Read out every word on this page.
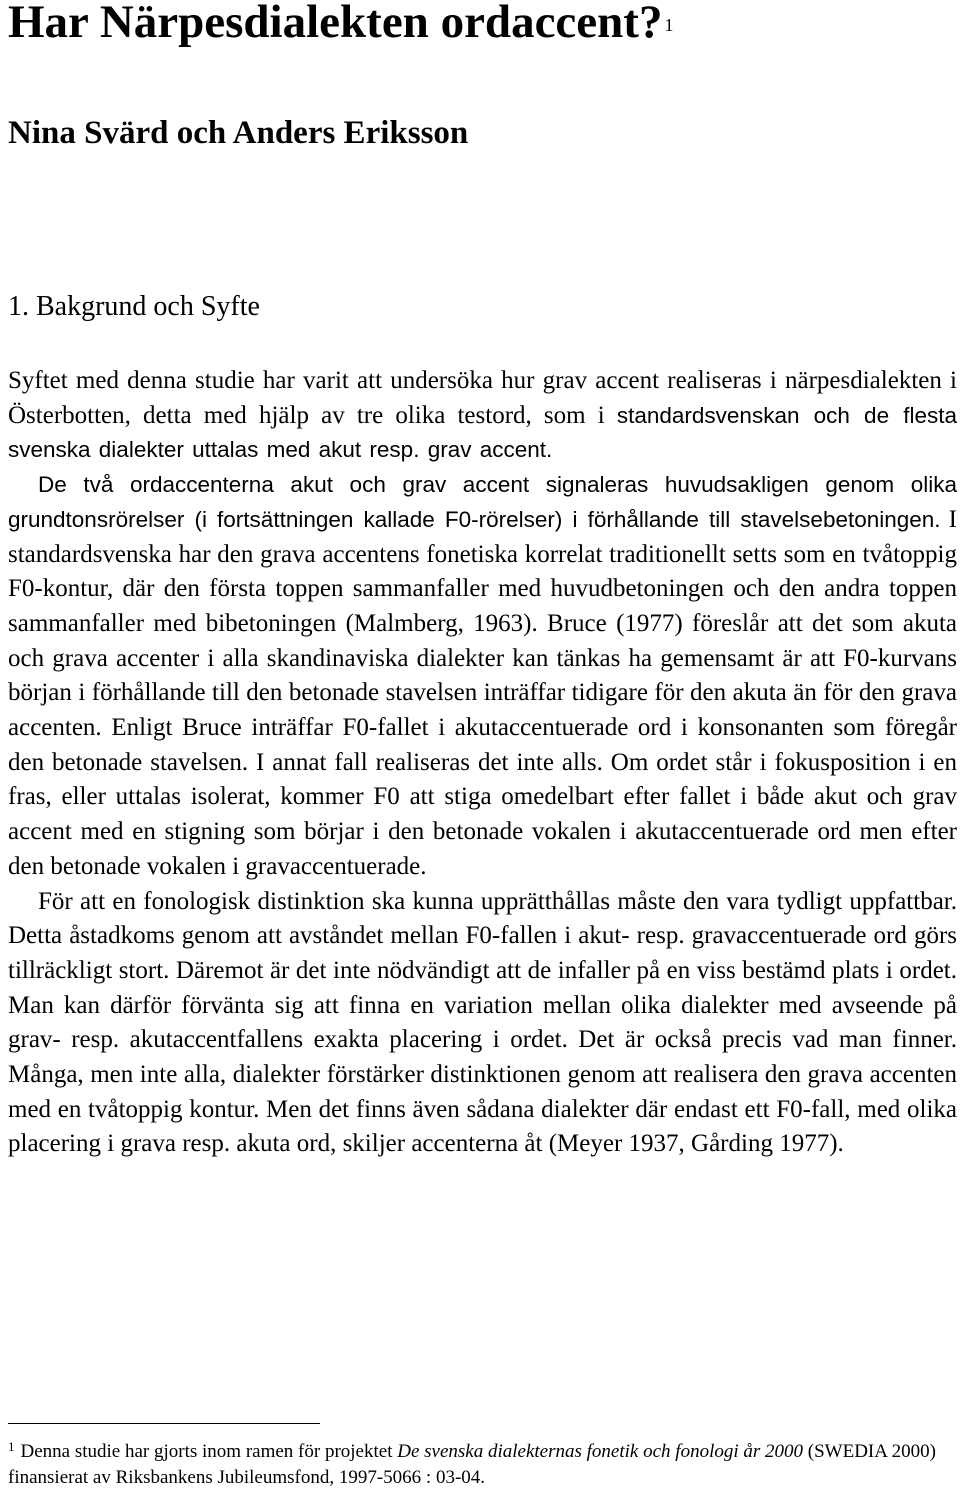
Har Närpesdialekten ordaccent? $^1$
Nina Svärd och Anders Eriksson
1. Bakgrund och Syfte

Syftet med denna studie har varit att undersöka hur grav accent realiseras i närpesdialekten i Österbotten, detta med hjälp av tre olika testord, som i standardsvenskan och de flesta svenska dialekter uttalas med akut resp. grav accent.

De två ordaccenterna akut och grav accent signaleras huvudsakligen genom olika grundtonsrörelser (i fortsättningen kallade F0-rörelser) i förhållande till stavelsebetoningen. I standardsvenska har den grava accentens fonetiska korrelat traditionellt setts som en tvåtoppig F0-kontur, där den första toppen sammanfaller med huvudbetoningen och den andra toppen sammanfaller med bibetoningen (Malmberg, 1963). Bruce (1977) föreslår att det som akuta och grava accenter i alla skandinaviska dialekter kan tänkas ha gemensamt är att F0-kurvans början i förhållande till den betonade stavelsen inträffar tidigare för den akuta än för den grava accenten. Enligt Bruce inträffar F0-fallet i akutaccentuerade ord i konsonanten som föregår den betonade stavelsen. I annat fall realiseras det inte alls. Om ordet står i fokusposition i en fras, eller uttalas isolerat, kommer F0 att stiga omedelbart efter fallet i både akut och grav accent med en stigning som börjar i den betonade vokalen i akutaccentuerade ord men efter den betonade vokalen i gravaccentuerade.

För att en fonologisk distinktion ska kunna upprätthållas måste den vara tydligt uppfattbar. Detta åstadkoms genom att avståndet mellan F0-fallen i akut- resp. gravaccentuerade ord görs tillräckligt stort. Däremot är det inte nödvändigt att de infaller på en viss bestämd plats i ordet. Man kan därför förvänta sig att finna en variation mellan olika dialekter med avseende på grav- resp. akutaccentfallens exakta placering i ordet. Det är också precis vad man finner. Många, men inte alla, dialekter förstärker distinktionen genom att realisera den grava accenten med en tvåtoppig kontur. Men det finns även sådana dialekter där endast ett F0-fall, med olika placering i grava resp. akuta ord, skiljer accenterna åt (Meyer 1937, Gårding 1977).

$^1$ Denna studie har gjorts inom ramen för projektet De svenska dialekternas fonetik och fonologi år 2000 (SWEDIA 2000) finansierat av Riksbankens Jubileumsfond, 1997-5066 : 03-04.
